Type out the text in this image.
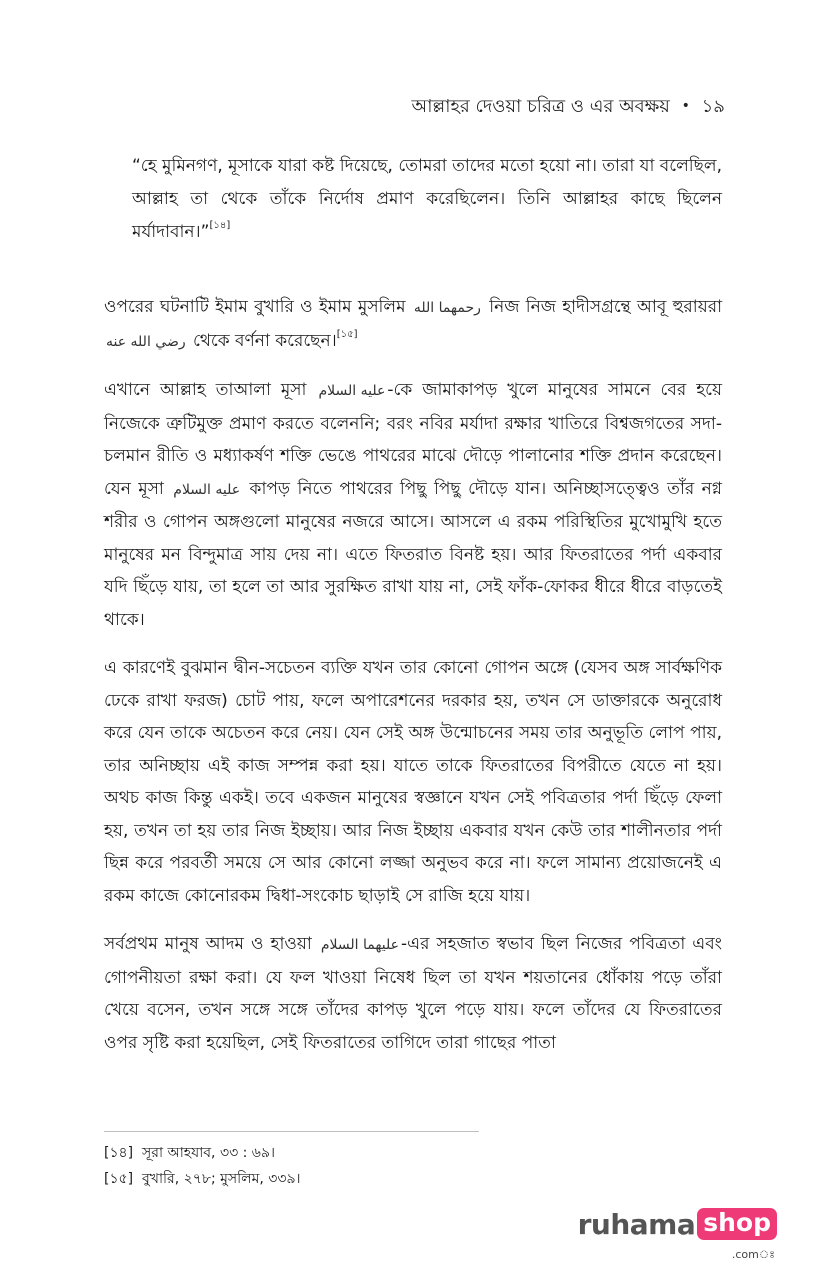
আল্লাহর দেওয়া চরিত্র ও এর অবক্ষয় • ১৯
“হে মুমিনগণ, মূসাকে যারা কষ্ট দিয়েছে, তোমরা তাদের মতো হয়ো না। তারা যা বলেছিল, আল্লাহ তা থেকে তাঁকে নির্দোষ প্রমাণ করেছিলেন। তিনি আল্লাহর কাছে ছিলেন মর্যাদাবান।”[১৪]

ওপরের ঘটনাটি ইমাম বুখারি ও ইমাম মুসলিম رحمهما الله নিজ নিজ হাদীসগ্রন্থে আবূ হুরায়রা رضي الله عنه থেকে বর্ণনা করেছেন।[১৫]

এখানে আল্লাহ তাআলা মূসা عليه السلام -কে জামাকাপড় খুলে মানুষের সামনে বের হয়ে নিজেকে ত্রুটিমুক্ত প্রমাণ করতে বলেননি; বরং নবির মর্যাদা রক্ষার খাতিরে বিশ্বজগতের সদা-চলমান রীতি ও মধ্যাকর্ষণ শক্তি ভেঙে পাথরের মাঝে দৌড়ে পালানোর শক্তি প্রদান করেছেন। যেন মূসা عليه السلام কাপড় নিতে পাথরের পিছু পিছু দৌড়ে যান। অনিচ্ছাসত্ত্বেও তাঁর নগ্ন শরীর ও গোপন অঙ্গগুলো মানুষের নজরে আসে। আসলে এ রকম পরিস্থিতির মুখোমুখি হতে মানুষের মন বিন্দুমাত্র সায় দেয় না। এতে ফিতরাত বিনষ্ট হয়। আর ফিতরাতের পর্দা একবার যদি ছিঁড়ে যায়, তা হলে তা আর সুরক্ষিত রাখা যায় না, সেই ফাঁক-ফোকর ধীরে ধীরে বাড়তেই থাকে।

এ কারণেই বুঝমান দ্বীন-সচেতন ব্যক্তি যখন তার কোনো গোপন অঙ্গে (যেসব অঙ্গ সার্বক্ষণিক ঢেকে রাখা ফরজ) চোট পায়, ফলে অপারেশনের দরকার হয়, তখন সে ডাক্তারকে অনুরোধ করে যেন তাকে অচেতন করে নেয়। যেন সেই অঙ্গ উন্মোচনের সময় তার অনুভূতি লোপ পায়, তার অনিচ্ছায় এই কাজ সম্পন্ন করা হয়। যাতে তাকে ফিতরাতের বিপরীতে যেতে না হয়। অথচ কাজ কিন্তু একই। তবে একজন মানুষের স্বজ্ঞানে যখন সেই পবিত্রতার পর্দা ছিঁড়ে ফেলা হয়, তখন তা হয় তার নিজ ইচ্ছায়। আর নিজ ইচ্ছায় একবার যখন কেউ তার শালীনতার পর্দা ছিন্ন করে পরবর্তী সময়ে সে আর কোনো লজ্জা অনুভব করে না। ফলে সামান্য প্রয়োজনেই এ রকম কাজে কোনোরকম দ্বিধা-সংকোচ ছাড়াই সে রাজি হয়ে যায়।

সর্বপ্রথম মানুষ আদম ও হাওয়া عليهما السلام -এর সহজাত স্বভাব ছিল নিজের পবিত্রতা এবং গোপনীয়তা রক্ষা করা। যে ফল খাওয়া নিষেধ ছিল তা যখন শয়তানের ধোঁকায় পড়ে তাঁরা খেয়ে বসেন, তখন সঙ্গে সঙ্গে তাঁদের কাপড় খুলে পড়ে যায়। ফলে তাঁদের যে ফিতরাতের ওপর সৃষ্টি করা হয়েছিল, সেই ফিতরাতের তাগিদে তারা গাছের পাতা

[১৪] সূরা আহযাব, ৩৩ : ৬৯।
[১৫] বুখারি, ২৭৮; মুসলিম, ৩৩৯।
ruhama shop
.comঃ
